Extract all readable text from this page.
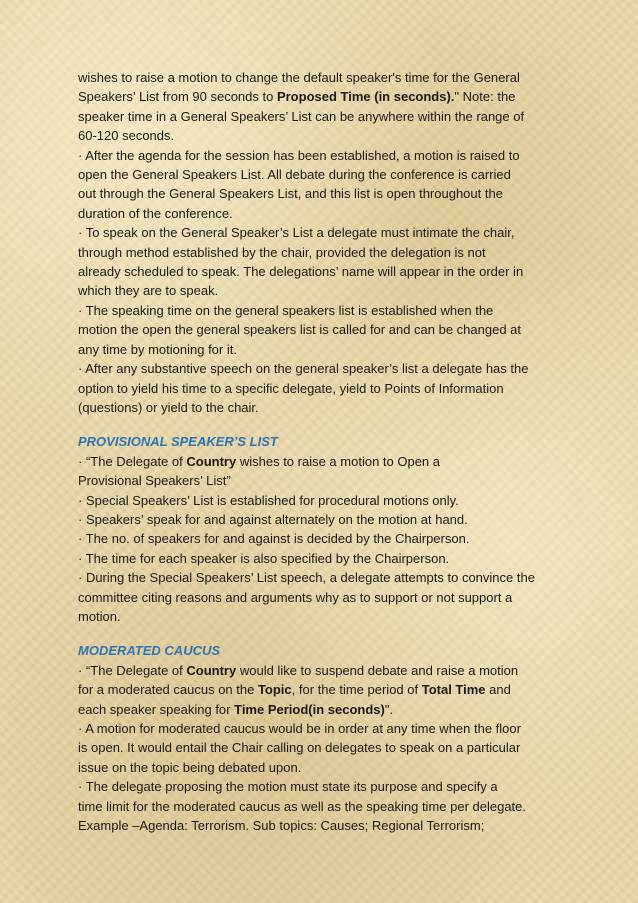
wishes to raise a motion to change the default speaker's time for the General
Speakers’ List from 90 seconds to Proposed Time (in seconds)." Note: the
speaker time in a General Speakers’ List can be anywhere within the range of
60-120 seconds.
· After the agenda for the session has been established, a motion is raised to
open the General Speakers List. All debate during the conference is carried
out through the General Speakers List, and this list is open throughout the
duration of the conference.
· To speak on the General Speaker’s List a delegate must intimate the chair,
through method established by the chair, provided the delegation is not
already scheduled to speak. The delegations’ name will appear in the order in
which they are to speak.
· The speaking time on the general speakers list is established when the
motion the open the general speakers list is called for and can be changed at
any time by motioning for it.
· After any substantive speech on the general speaker’s list a delegate has the
option to yield his time to a specific delegate, yield to Points of Information
(questions) or yield to the chair.
PROVISIONAL SPEAKER’S LIST
· “The Delegate of Country wishes to raise a motion to Open a
Provisional Speakers’ List”
· Special Speakers’ List is established for procedural motions only.
· Speakers’ speak for and against alternately on the motion at hand.
· The no. of speakers for and against is decided by the Chairperson.
· The time for each speaker is also specified by the Chairperson.
· During the Special Speakers’ List speech, a delegate attempts to convince the
committee citing reasons and arguments why as to support or not support a
motion.
MODERATED CAUCUS
· “The Delegate of Country would like to suspend debate and raise a motion
for a moderated caucus on the Topic, for the time period of Total Time and
each speaker speaking for Time Period(in seconds)".
· A motion for moderated caucus would be in order at any time when the floor
is open. It would entail the Chair calling on delegates to speak on a particular
issue on the topic being debated upon.
· The delegate proposing the motion must state its purpose and specify a
time limit for the moderated caucus as well as the speaking time per delegate.
Example –Agenda: Terrorism. Sub topics: Causes; Regional Terrorism;
